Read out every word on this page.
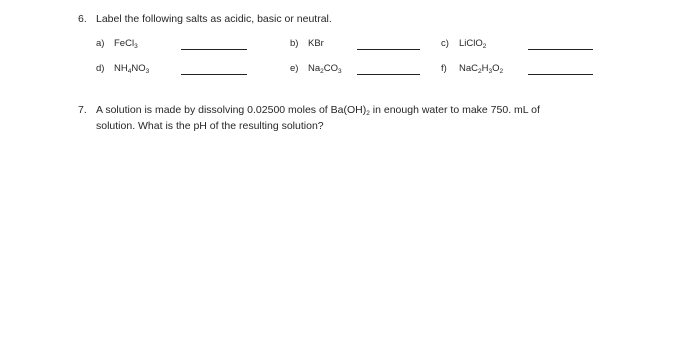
6. Label the following salts as acidic, basic or neutral.
a) FeCl$_3$	b) KBr	c) LiClO$_2$
d) $NH_4NO_3$	e) $Na_2CO_3$	f) $NaC_2H_3O_2$
7. A solution is made by dissolving 0.02500 moles of $Ba(OH)_2$ in enough water to make 750. mL of
solution. What is the pH of the resulting solution?
